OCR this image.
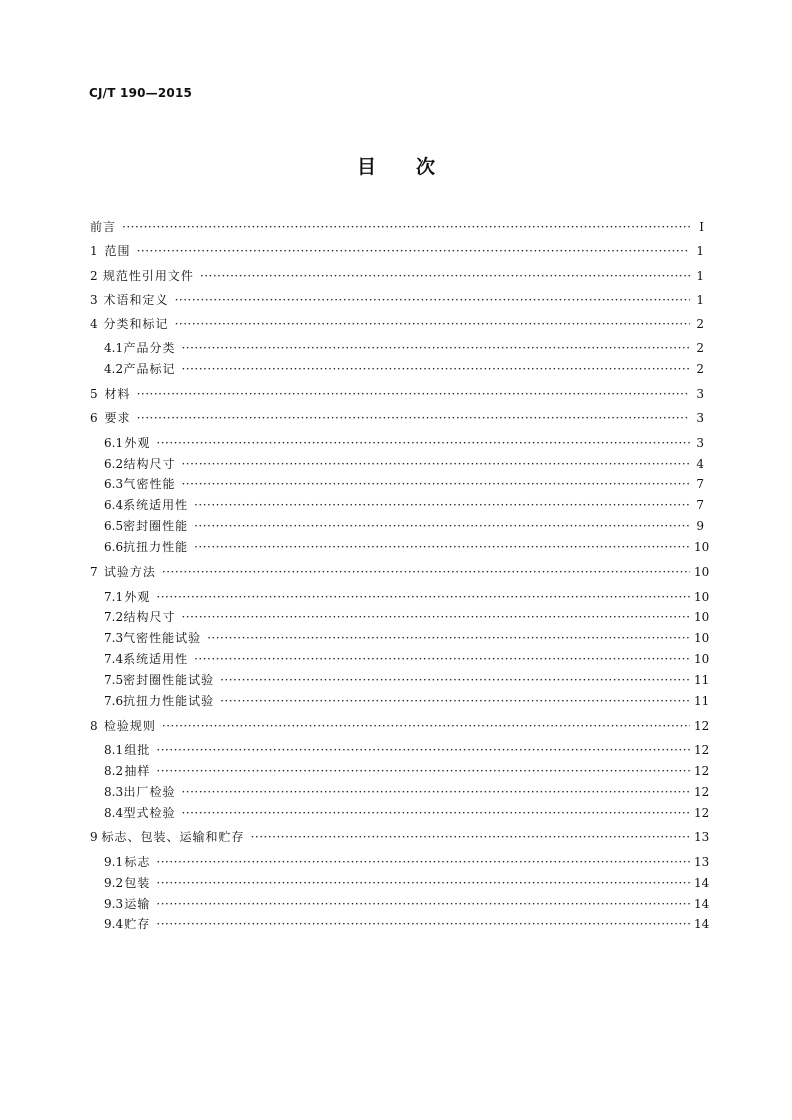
CJ/T 190—2015
目 次
前言 ·····	Ⅰ
1 范围 ·····	1
2 规范性引用文件 ·····	1
3 术语和定义 ·····	1
4 分类和标记 ·····	2
4.1 产品分类 ·····	2
4.2 产品标记 ·····	2
5 材料 ·····	3
6 要求 ·····	3
6.1 外观 ·····	3
6.2 结构尺寸 ·····	4
6.3 气密性能 ·····	7
6.4 系统适用性 ·····	7
6.5 密封圈性能 ·····	9
6.6 抗扭力性能 ·····	10
7 试验方法 ·····	10
7.1 外观 ·····	10
7.2 结构尺寸 ·····	10
7.3 气密性能试验 ·····	10
7.4 系统适用性 ·····	10
7.5 密封圈性能试验 ·····	11
7.6 抗扭力性能试验 ·····	11
8 检验规则 ·····	12
8.1 组批 ·····	12
8.2 抽样 ·····	12
8.3 出厂检验 ·····	12
8.4 型式检验 ·····	12
9 标志、包装、运输和贮存 ·····	13
9.1 标志 ·····	13
9.2 包装 ·····	14
9.3 运输 ·····	14
9.4 贮存 ·····	14
